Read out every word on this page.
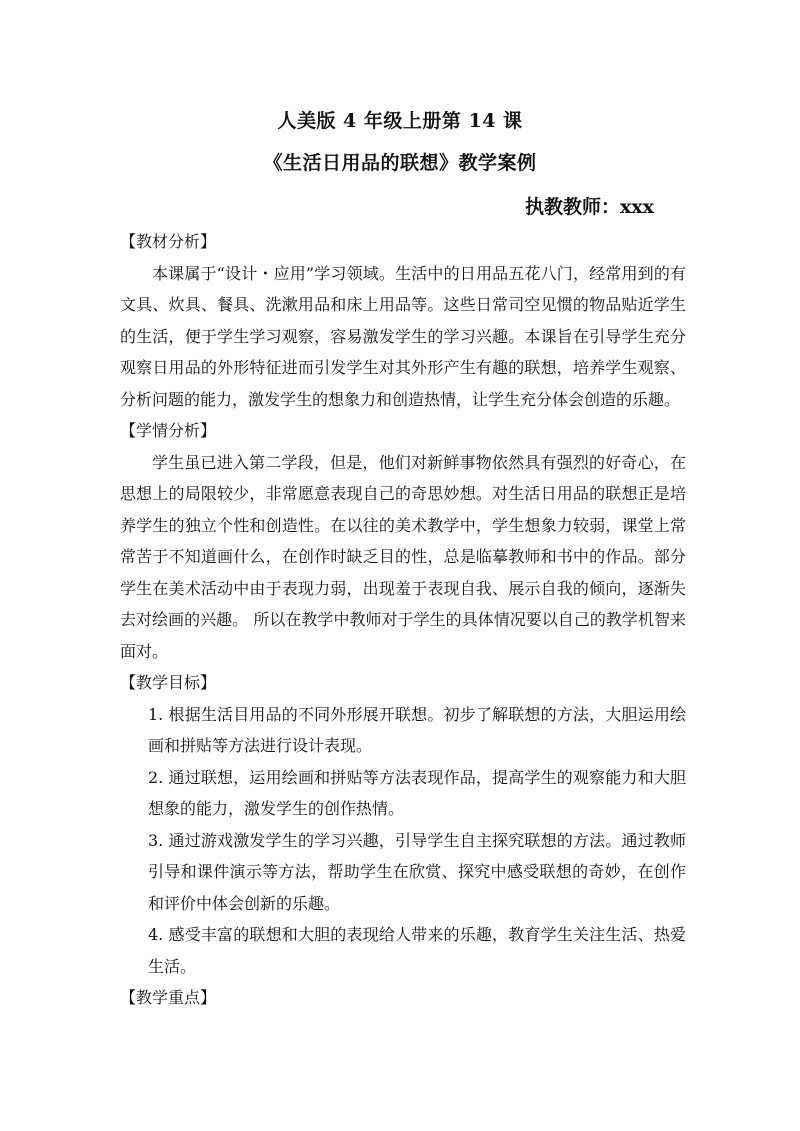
人美版 4 年级上册第 14 课
《生活日用品的联想》教学案例
执教教师：xxx
【教材分析】

本课属于“设计・应用”学习领域。生活中的日用品五花八门，经常用到的有文具、炊具、餐具、洗漱用品和床上用品等。这些日常司空见惯的物品贴近学生的生活，便于学生学习观察，容易激发学生的学习兴趣。本课旨在引导学生充分观察日用品的外形特征进而引发学生对其外形产生有趣的联想，培养学生观察、分析问题的能力，激发学生的想象力和创造热情，让学生充分体会创造的乐趣。

【学情分析】

学生虽已进入第二学段，但是，他们对新鲜事物依然具有强烈的好奇心，在思想上的局限较少，非常愿意表现自己的奇思妙想。对生活日用品的联想正是培养学生的独立个性和创造性。在以往的美术教学中，学生想象力较弱，课堂上常常苦于不知道画什么，在创作时缺乏目的性，总是临摹教师和书中的作品。部分学生在美术活动中由于表现力弱，出现羞于表现自我、展示自我的倾向，逐渐失去对绘画的兴趣。 所以在教学中教师对于学生的具体情况要以自己的教学机智来面对。

【教学目标】

1. 根据生活目用品的不同外形展开联想。初步了解联想的方法，大胆运用绘画和拼贴等方法进行设计表现。

2. 通过联想，运用绘画和拼贴等方法表现作品，提高学生的观察能力和大胆想象的能力，激发学生的创作热情。

3. 通过游戏激发学生的学习兴趣，引导学生自主探究联想的方法。通过教师引导和课件演示等方法，帮助学生在欣赏、探究中感受联想的奇妙，在创作和评价中体会创新的乐趣。

4. 感受丰富的联想和大胆的表现给人带来的乐趣，教育学生关注生活、热爱生活。

【教学重点】
